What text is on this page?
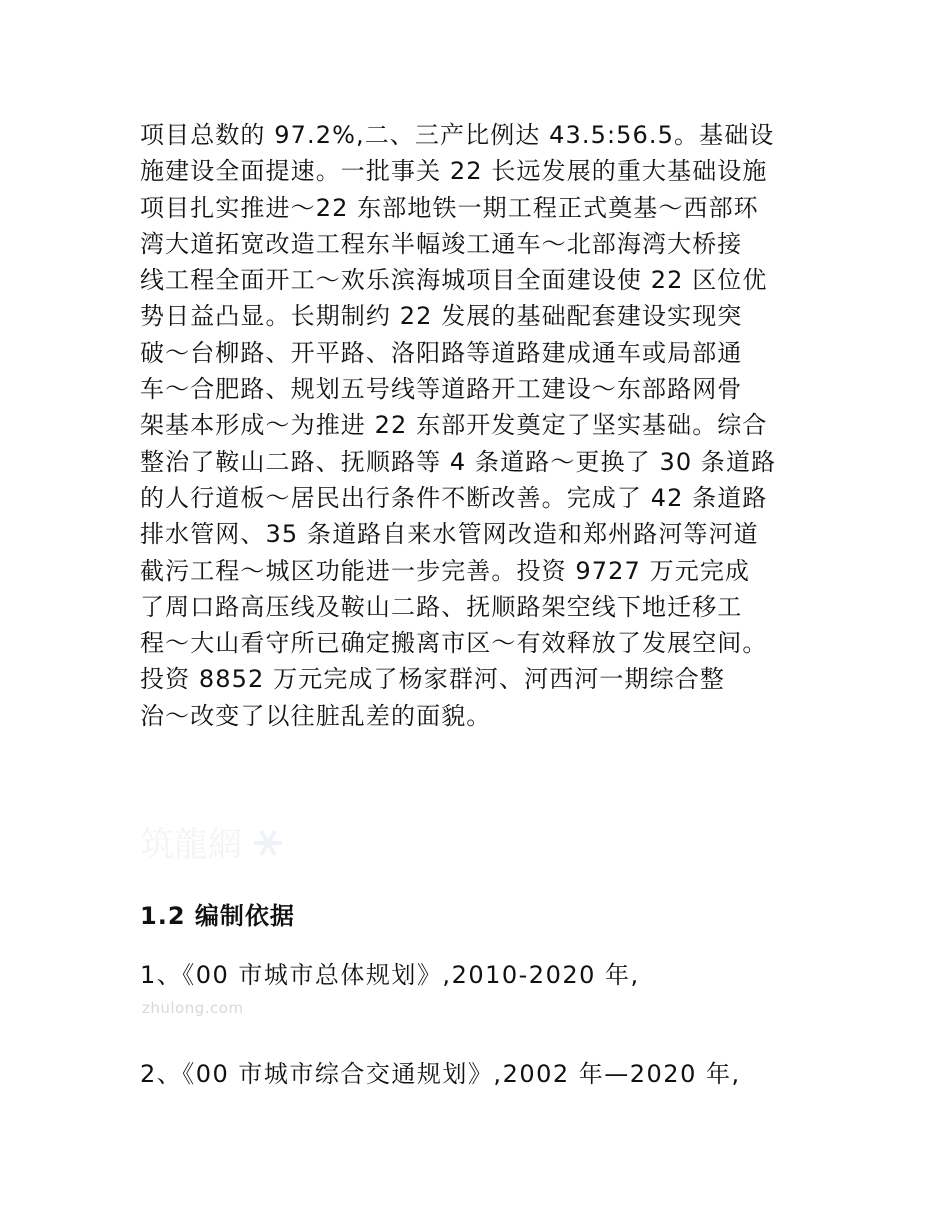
项目总数的 97.2%,二、三产比例达 43.5:56.5。基础设
施建设全面提速。一批事关 22 长远发展的重大基础设施
项目扎实推进～22 东部地铁一期工程正式奠基～西部环
湾大道拓宽改造工程东半幅竣工通车～北部海湾大桥接
线工程全面开工～欢乐滨海城项目全面建设使 22 区位优
势日益凸显。长期制约 22 发展的基础配套建设实现突
破～台柳路、开平路、洛阳路等道路建成通车或局部通
车～合肥路、规划五号线等道路开工建设～东部路网骨
架基本形成～为推进 22 东部开发奠定了坚实基础。综合
整治了鞍山二路、抚顺路等 4 条道路～更换了 30 条道路
的人行道板～居民出行条件不断改善。完成了 42 条道路
排水管网、35 条道路自来水管网改造和郑州路河等河道
截污工程～城区功能进一步完善。投资 9727 万元完成
了周口路高压线及鞍山二路、抚顺路架空线下地迁移工
程～大山看守所已确定搬离市区～有效释放了发展空间。
投资 8852 万元完成了杨家群河、河西河一期综合整
治～改变了以往脏乱差的面貌。
筑龍網
1.2 编制依据

1、《00 市城市总体规划》,2010-2020 年,

zhulong.com

2、《00 市城市综合交通规划》,2002 年—2020 年,
